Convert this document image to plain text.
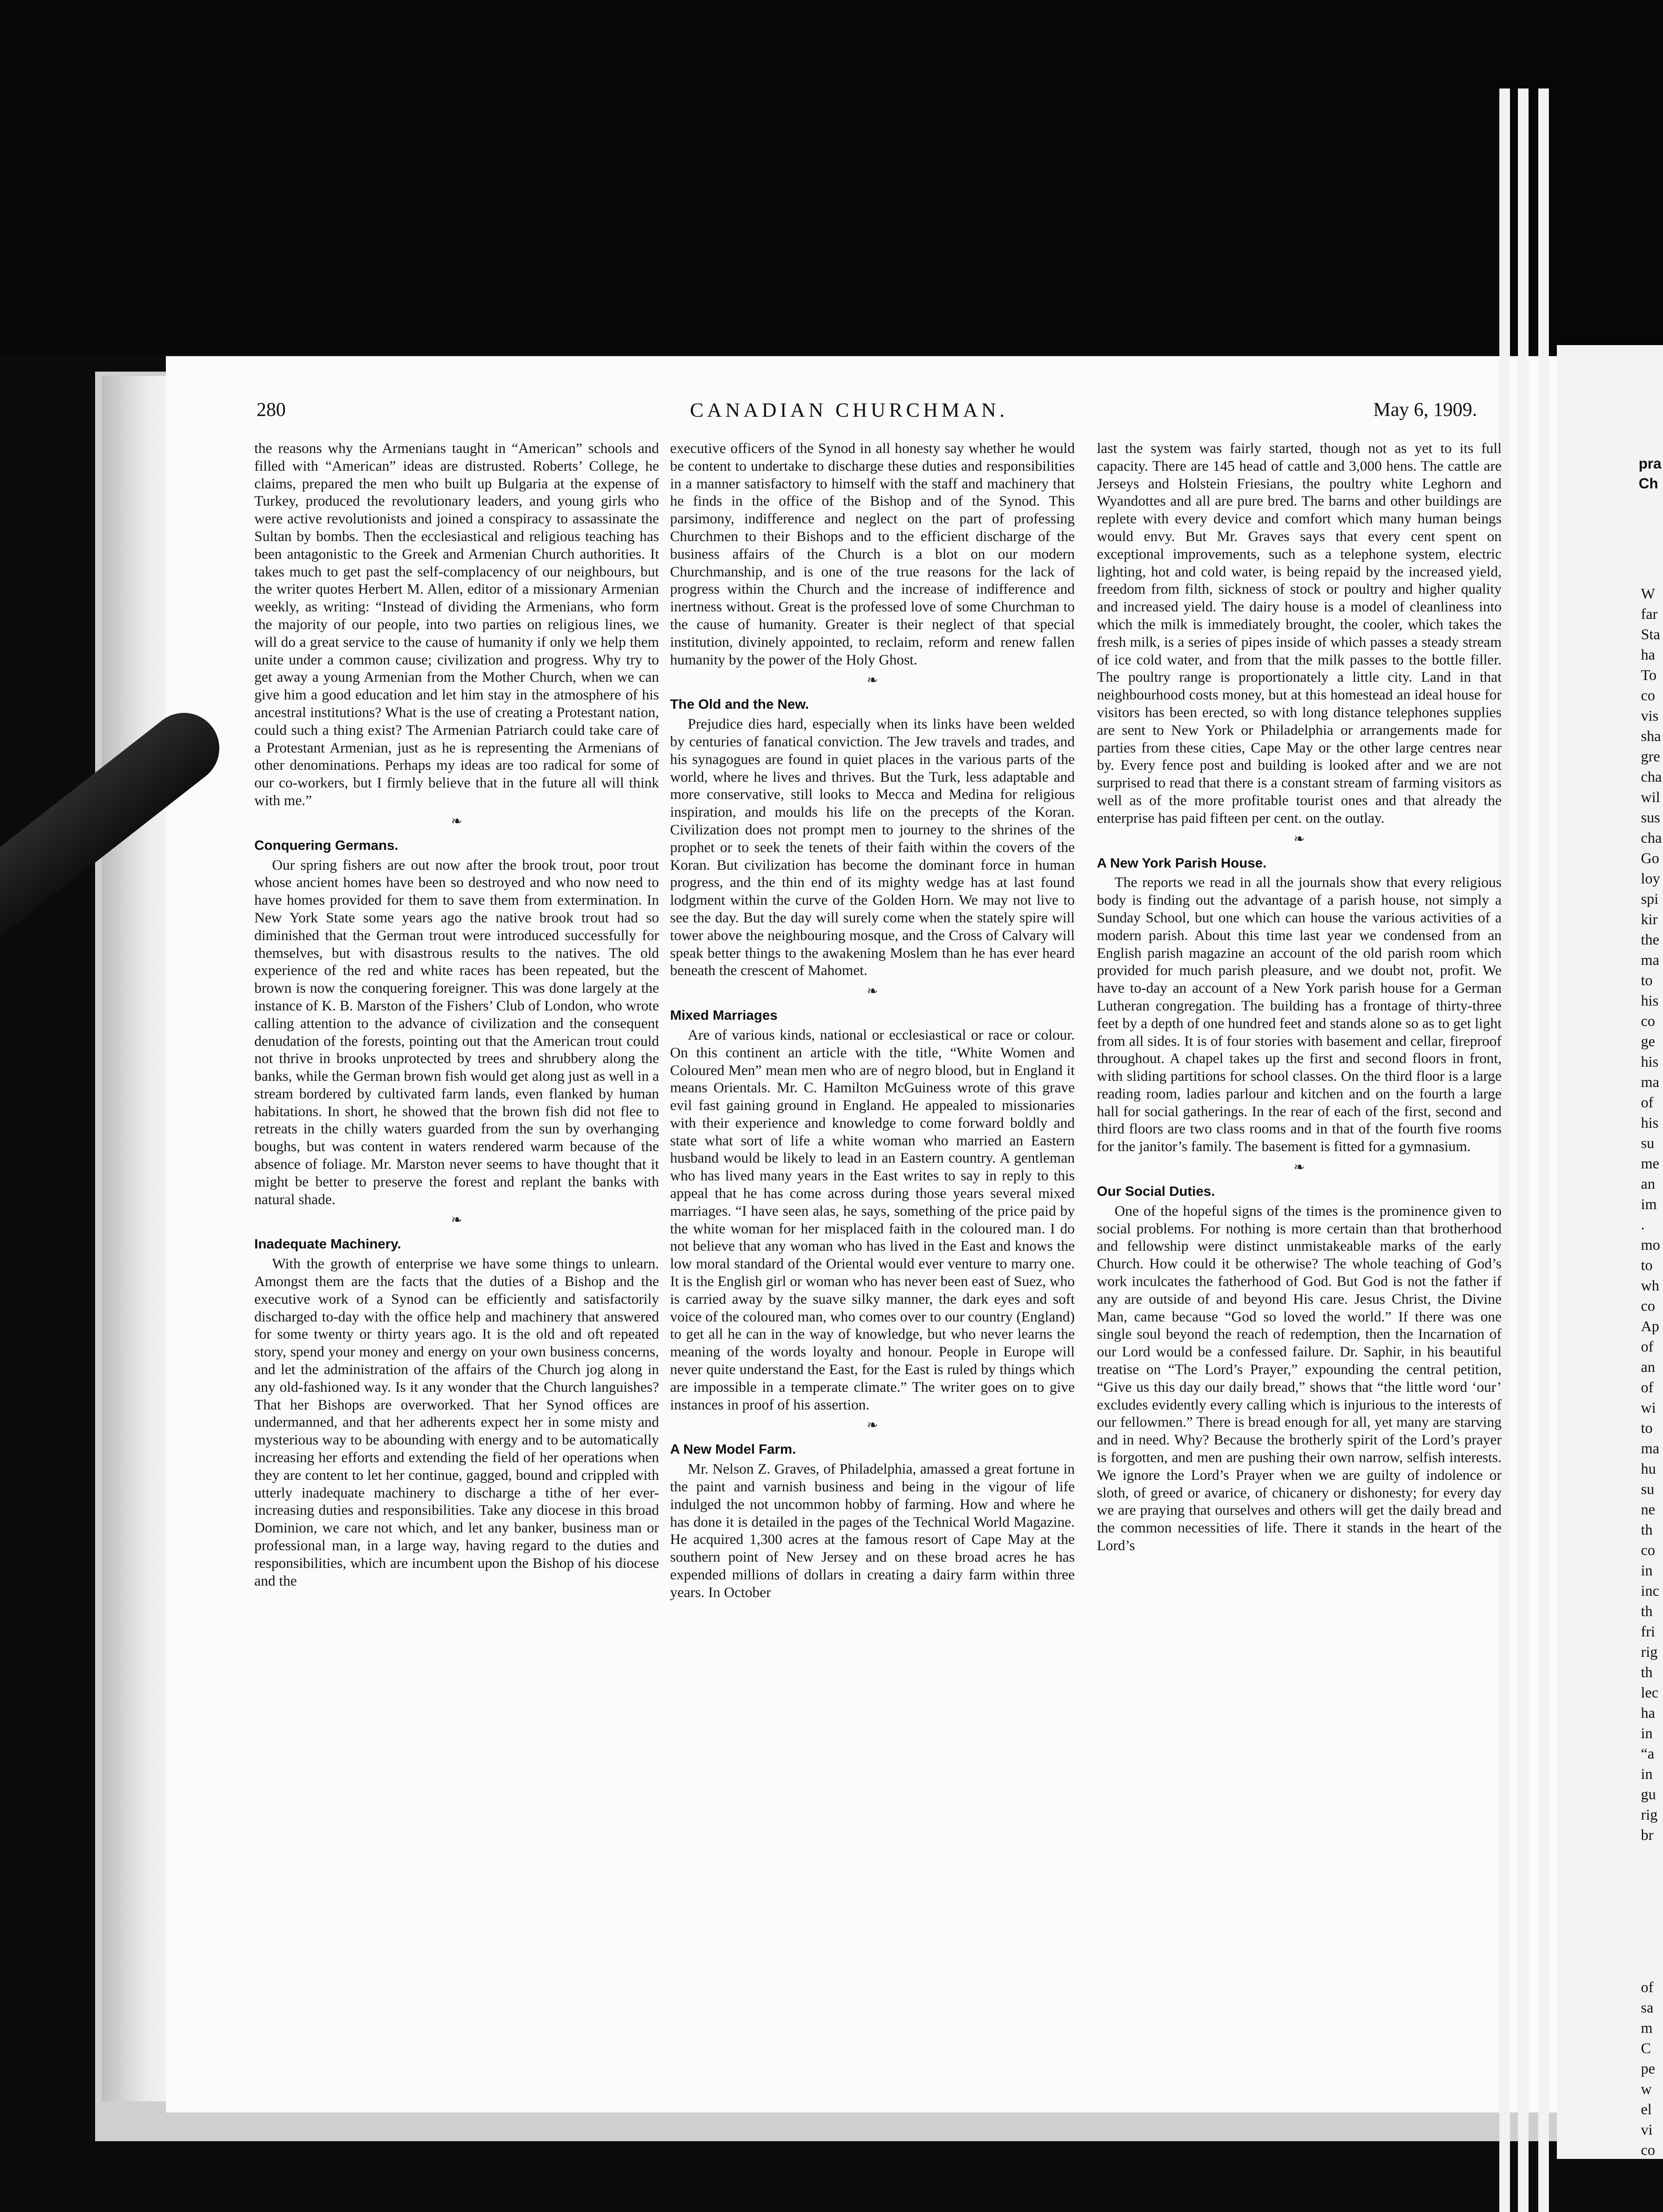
280	CANADIAN CHURCHMAN.	May 6, 1909.

the reasons why the Armenians taught in “American” schools and filled with “American” ideas are distrusted. Roberts’ College, he claims, prepared the men who built up Bulgaria at the expense of Turkey, produced the revolutionary leaders, and young girls who were active revolutionists and joined a conspiracy to assassinate the Sultan by bombs. Then the ecclesiastical and religious teaching has been antagonistic to the Greek and Armenian Church authorities. It takes much to get past the self-complacency of our neighbours, but the writer quotes Herbert M. Allen, editor of a missionary Armenian weekly, as writing: “Instead of dividing the Armenians, who form the majority of our people, into two parties on religious lines, we will do a great service to the cause of humanity if only we help them unite under a common cause; civilization and progress. Why try to get away a young Armenian from the Mother Church, when we can give him a good education and let him stay in the atmosphere of his ancestral institutions? What is the use of creating a Protestant nation, could such a thing exist? The Armenian Patriarch could take care of a Protestant Armenian, just as he is representing the Armenians of other denominations. Perhaps my ideas are too radical for some of our co-workers, but I firmly believe that in the future all will think with me.”

❧
Conquering Germans.

Our spring fishers are out now after the brook trout, poor trout whose ancient homes have been so destroyed and who now need to have homes provided for them to save them from extermination. In New York State some years ago the native brook trout had so diminished that the German trout were introduced successfully for themselves, but with disastrous results to the natives. The old experience of the red and white races has been repeated, but the brown is now the conquering foreigner. This was done largely at the instance of K. B. Marston of the Fishers’ Club of London, who wrote calling attention to the advance of civilization and the consequent denudation of the forests, pointing out that the American trout could not thrive in brooks unprotected by trees and shrubbery along the banks, while the German brown fish would get along just as well in a stream bordered by cultivated farm lands, even flanked by human habitations. In short, he showed that the brown fish did not flee to retreats in the chilly waters guarded from the sun by overhanging boughs, but was content in waters rendered warm because of the absence of foliage. Mr. Marston never seems to have thought that it might be better to preserve the forest and replant the banks with natural shade.

❧
Inadequate Machinery.

With the growth of enterprise we have some things to unlearn. Amongst them are the facts that the duties of a Bishop and the executive work of a Synod can be efficiently and satisfactorily discharged to-day with the office help and machinery that answered for some twenty or thirty years ago. It is the old and oft repeated story, spend your money and energy on your own business concerns, and let the administration of the affairs of the Church jog along in any old-fashioned way. Is it any wonder that the Church languishes? That her Bishops are overworked. That her Synod offices are undermanned, and that her adherents expect her in some misty and mysterious way to be abounding with energy and to be automatically increasing her efforts and extending the field of her operations when they are content to let her continue, gagged, bound and crippled with utterly inadequate machinery to discharge a tithe of her ever-increasing duties and responsibilities. Take any diocese in this broad Dominion, we care not which, and let any banker, business man or professional man, in a large way, having regard to the duties and responsibilities, which are incumbent upon the Bishop of his diocese and the

executive officers of the Synod in all honesty say whether he would be content to undertake to discharge these duties and responsibilities in a manner satisfactory to himself with the staff and machinery that he finds in the office of the Bishop and of the Synod. This parsimony, indifference and neglect on the part of professing Churchmen to their Bishops and to the efficient discharge of the business affairs of the Church is a blot on our modern Churchmanship, and is one of the true reasons for the lack of progress within the Church and the increase of indifference and inertness without. Great is the professed love of some Churchman to the cause of humanity. Greater is their neglect of that special institution, divinely appointed, to reclaim, reform and renew fallen humanity by the power of the Holy Ghost.

❧
The Old and the New.

Prejudice dies hard, especially when its links have been welded by centuries of fanatical conviction. The Jew travels and trades, and his synagogues are found in quiet places in the various parts of the world, where he lives and thrives. But the Turk, less adaptable and more conservative, still looks to Mecca and Medina for religious inspiration, and moulds his life on the precepts of the Koran. Civilization does not prompt men to journey to the shrines of the prophet or to seek the tenets of their faith within the covers of the Koran. But civilization has become the dominant force in human progress, and the thin end of its mighty wedge has at last found lodgment within the curve of the Golden Horn. We may not live to see the day. But the day will surely come when the stately spire will tower above the neighbouring mosque, and the Cross of Calvary will speak better things to the awakening Moslem than he has ever heard beneath the crescent of Mahomet.

❧
Mixed Marriages

Are of various kinds, national or ecclesiastical or race or colour. On this continent an article with the title, “White Women and Coloured Men” mean men who are of negro blood, but in England it means Orientals. Mr. C. Hamilton McGuiness wrote of this grave evil fast gaining ground in England. He appealed to missionaries with their experience and knowledge to come forward boldly and state what sort of life a white woman who married an Eastern husband would be likely to lead in an Eastern country. A gentleman who has lived many years in the East writes to say in reply to this appeal that he has come across during those years several mixed marriages. “I have seen alas, he says, something of the price paid by the white woman for her misplaced faith in the coloured man. I do not believe that any woman who has lived in the East and knows the low moral standard of the Oriental would ever venture to marry one. It is the English girl or woman who has never been east of Suez, who is carried away by the suave silky manner, the dark eyes and soft voice of the coloured man, who comes over to our country (England) to get all he can in the way of knowledge, but who never learns the meaning of the words loyalty and honour. People in Europe will never quite understand the East, for the East is ruled by things which are impossible in a temperate climate.” The writer goes on to give instances in proof of his assertion.

❧
A New Model Farm.

Mr. Nelson Z. Graves, of Philadelphia, amassed a great fortune in the paint and varnish business and being in the vigour of life indulged the not uncommon hobby of farming. How and where he has done it is detailed in the pages of the Technical World Magazine. He acquired 1,300 acres at the famous resort of Cape May at the southern point of New Jersey and on these broad acres he has expended millions of dollars in creating a dairy farm within three years. In October

last the system was fairly started, though not as yet to its full capacity. There are 145 head of cattle and 3,000 hens. The cattle are Jerseys and Holstein Friesians, the poultry white Leghorn and Wyandottes and all are pure bred. The barns and other buildings are replete with every device and comfort which many human beings would envy. But Mr. Graves says that every cent spent on exceptional improvements, such as a telephone system, electric lighting, hot and cold water, is being repaid by the increased yield, freedom from filth, sickness of stock or poultry and higher quality and increased yield. The dairy house is a model of cleanliness into which the milk is immediately brought, the cooler, which takes the fresh milk, is a series of pipes inside of which passes a steady stream of ice cold water, and from that the milk passes to the bottle filler. The poultry range is proportionately a little city. Land in that neighbourhood costs money, but at this homestead an ideal house for visitors has been erected, so with long distance telephones supplies are sent to New York or Philadelphia or arrangements made for parties from these cities, Cape May or the other large centres near by. Every fence post and building is looked after and we are not surprised to read that there is a constant stream of farming visitors as well as of the more profitable tourist ones and that already the enterprise has paid fifteen per cent. on the outlay.

❧
A New York Parish House.

The reports we read in all the journals show that every religious body is finding out the advantage of a parish house, not simply a Sunday School, but one which can house the various activities of a modern parish. About this time last year we condensed from an English parish magazine an account of the old parish room which provided for much parish pleasure, and we doubt not, profit. We have to-day an account of a New York parish house for a German Lutheran congregation. The building has a frontage of thirty-three feet by a depth of one hundred feet and stands alone so as to get light from all sides. It is of four stories with basement and cellar, fireproof throughout. A chapel takes up the first and second floors in front, with sliding partitions for school classes. On the third floor is a large reading room, ladies parlour and kitchen and on the fourth a large hall for social gatherings. In the rear of each of the first, second and third floors are two class rooms and in that of the fourth five rooms for the janitor’s family. The basement is fitted for a gymnasium.

❧
Our Social Duties.

One of the hopeful signs of the times is the prominence given to social problems. For nothing is more certain than that brotherhood and fellowship were distinct unmistakeable marks of the early Church. How could it be otherwise? The whole teaching of God’s work inculcates the fatherhood of God. But God is not the father if any are outside of and beyond His care. Jesus Christ, the Divine Man, came because “God so loved the world.” If there was one single soul beyond the reach of redemption, then the Incarnation of our Lord would be a confessed failure. Dr. Saphir, in his beautiful treatise on “The Lord’s Prayer,” expounding the central petition, “Give us this day our daily bread,” shows that “the little word ‘our’ excludes evidently every calling which is injurious to the interests of our fellowmen.” There is bread enough for all, yet many are starving and in need. Why? Because the brotherly spirit of the Lord’s prayer is forgotten, and men are pushing their own narrow, selfish interests. We ignore the Lord’s Prayer when we are guilty of indolence or sloth, of greed or avarice, of chicanery or dishonesty; for every day we are praying that ourselves and others will get the daily bread and the common necessities of life. There it stands in the heart of the Lord’s

pra
Ch
W
far
Sta
ha
To
co
vis
sha
gre
cha
wil
sus
cha
Go
loy
spi
kir
the
ma
to
his
co
ge
his
ma
of
his
su
me
an
im
.
mo
to
wh
co
Ap
of
an
of
wi
to
ma
hu
su
ne
th
co
in
inc
th
fri
rig
th
lec
ha
in
“a
in
gu
rig
br
of
sa
m
C
pe
w
el
vi
co
